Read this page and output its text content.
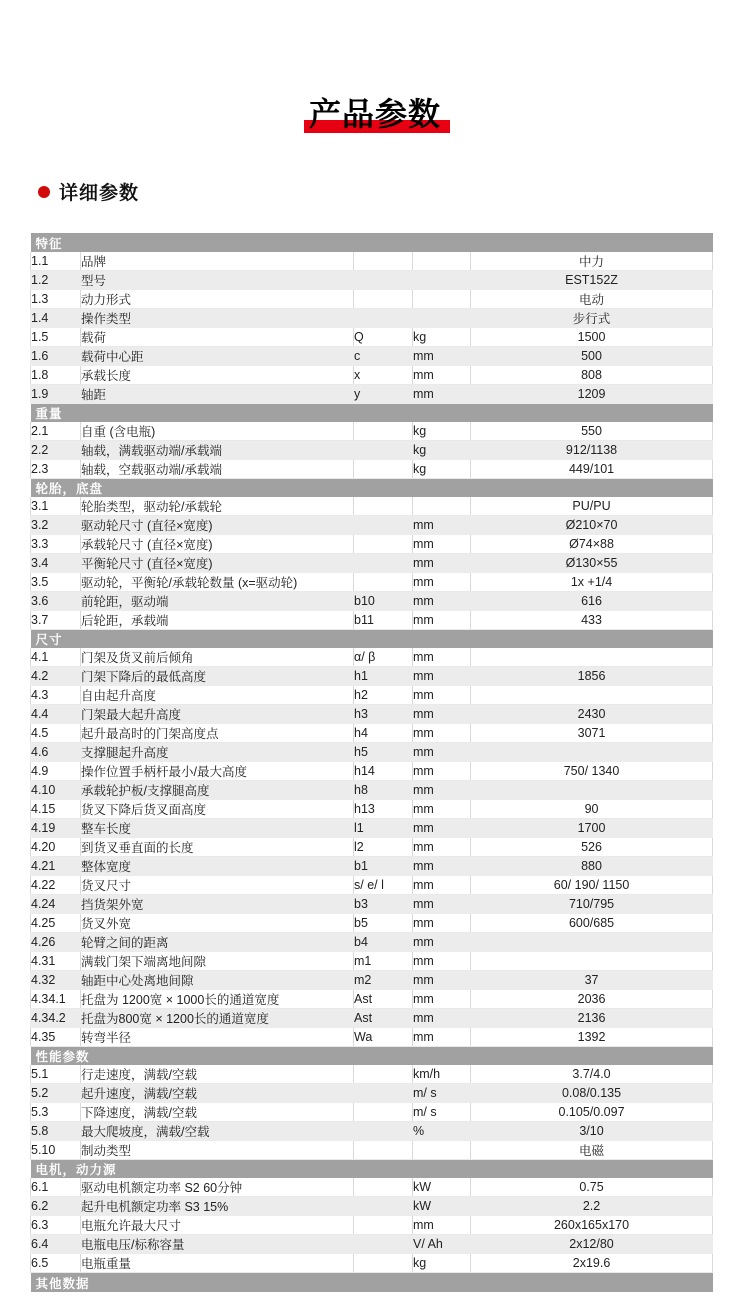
产品参数
详细参数
特征				
1.1	品牌			中力
1.2	型号			EST152Z
1.3	动力形式			电动
1.4	操作类型			步行式
1.5	载荷	Q	kg	1500
1.6	载荷中心距	c	mm	500
1.8	承载长度	x	mm	808
1.9	轴距	y	mm	1209
重量				
2.1	自重 (含电瓶)		kg	550
2.2	轴载，满载驱动端/承载端		kg	912/1138
2.3	轴载，空载驱动端/承载端		kg	449/101
轮胎，底盘				
3.1	轮胎类型，驱动轮/承载轮			PU/PU
3.2	驱动轮尺寸 (直径×宽度)		mm	Ø210×70
3.3	承载轮尺寸 (直径×宽度)		mm	Ø74×88
3.4	平衡轮尺寸 (直径×宽度)		mm	Ø130×55
3.5	驱动轮，平衡轮/承载轮数量 (x=驱动轮)		mm	1x +1/4
3.6	前轮距，驱动端	b10	mm	616
3.7	后轮距，承载端	b11	mm	433
尺寸				
4.1	门架及货叉前后倾角	α/ β	mm	
4.2	门架下降后的最低高度	h1	mm	1856
4.3	自由起升高度	h2	mm	
4.4	门架最大起升高度	h3	mm	2430
4.5	起升最高时的门架高度点	h4	mm	3071
4.6	支撑腿起升高度	h5	mm	
4.9	操作位置手柄杆最小/最大高度	h14	mm	750/ 1340
4.10	承载轮护板/支撑腿高度	h8	mm	
4.15	货叉下降后货叉面高度	h13	mm	90
4.19	整车长度	l1	mm	1700
4.20	到货叉垂直面的长度	l2	mm	526
4.21	整体宽度	b1	mm	880
4.22	货叉尺寸	s/ e/ l	mm	60/ 190/ 1150
4.24	挡货架外宽	b3	mm	710/795
4.25	货叉外宽	b5	mm	600/685
4.26	轮臂之间的距离	b4	mm	
4.31	满载门架下端离地间隙	m1	mm	
4.32	轴距中心处离地间隙	m2	mm	37
4.34.1	托盘为 1200宽 × 1000长的通道宽度	Ast	mm	2036
4.34.2	托盘为800宽 × 1200长的通道宽度	Ast	mm	2136
4.35	转弯半径	Wa	mm	1392
性能参数				
5.1	行走速度，满载/空载		km/h	3.7/4.0
5.2	起升速度，满载/空载		m/ s	0.08/0.135
5.3	下降速度，满载/空载		m/ s	0.105/0.097
5.8	最大爬坡度，满载/空载		%	3/10
5.10	制动类型			电磁
电机，动力源				
6.1	驱动电机额定功率 S2 60分钟		kW	0.75
6.2	起升电机额定功率 S3 15%		kW	2.2
6.3	电瓶允许最大尺寸		mm	260x165x170
6.4	电瓶电压/标称容量		V/ Ah	2x12/80
6.5	电瓶重量		kg	2x19.6
其他数据				
